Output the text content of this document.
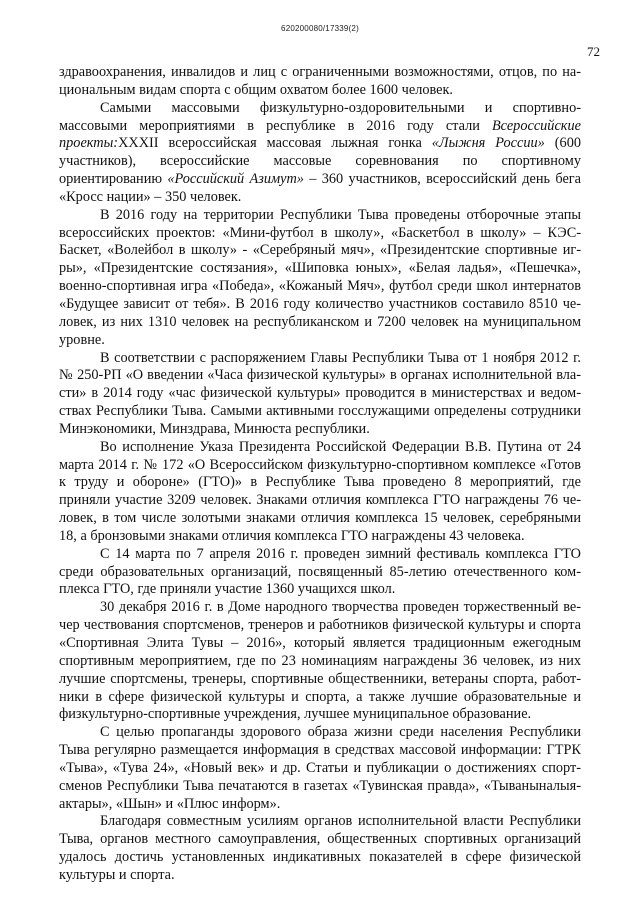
620200080/17339(2)
72

здравоохранения, инвалидов и лиц с ограниченными возможностями, отцов, по национальным видам спорта с общим охватом более 1600 человек.

Самыми массовыми физкультурно-оздоровительными и спортивно-массовыми мероприятиями в республике в 2016 году стали Всероссийские проекты:XXXII всероссийская массовая лыжная гонка «Лыжня России» (600 участников), всероссийские массовые соревнования по спортивному ориентированию «Российский Азимут» – 360 участников, всероссийский день бега «Кросс нации» – 350 человек.

В 2016 году на территории Республики Тыва проведены отборочные этапы всероссийских проектов: «Мини-футбол в школу», «Баскетбол в школу» – КЭС-Баскет, «Волейбол в школу» - «Серебряный мяч», «Президентские спортивные игры», «Президентские состязания», «Шиповка юных», «Белая ладья», «Пешечка», военно-спортивная игра «Победа», «Кожаный Мяч», футбол среди школ интернатов «Будущее зависит от тебя». В 2016 году количество участников составило 8510 человек, из них 1310 человек на республиканском и 7200 человек на муниципальном уровне.

В соответствии с распоряжением Главы Республики Тыва от 1 ноября 2012 г. № 250-РП «О введении «Часа физической культуры» в органах исполнительной власти» в 2014 году «час физической культуры» проводится в министерствах и ведомствах Республики Тыва. Самыми активными госслужащими определены сотрудники Минэкономики, Минздрава, Минюста республики.

Во исполнение Указа Президента Российской Федерации В.В. Путина от 24 марта 2014 г. № 172 «О Всероссийском физкультурно-спортивном комплексе «Готов к труду и обороне» (ГТО)» в Республике Тыва проведено 8 мероприятий, где приняли участие 3209 человек. Знаками отличия комплекса ГТО награждены 76 человек, в том числе золотыми знаками отличия комплекса 15 человек, серебряными 18, а бронзовыми знаками отличия комплекса ГТО награждены 43 человека.

С 14 марта по 7 апреля 2016 г. проведен зимний фестиваль комплекса ГТО среди образовательных организаций, посвященный 85-летию отечественного комплекса ГТО, где приняли участие 1360 учащихся школ.

30 декабря 2016 г. в Доме народного творчества проведен торжественный вечер чествования спортсменов, тренеров и работников физической культуры и спорта «Спортивная Элита Тувы – 2016», который является традиционным ежегодным спортивным мероприятием, где по 23 номинациям награждены 36 человек, из них лучшие спортсмены, тренеры, спортивные общественники, ветераны спорта, работники в сфере физической культуры и спорта, а также лучшие образовательные и физкультурно-спортивные учреждения, лучшее муниципальное образование.

С целью пропаганды здорового образа жизни среди населения Республики Тыва регулярно размещается информация в средствах массовой информации: ГТРК «Тыва», «Тува 24», «Новый век» и др. Статьи и публикации о достижениях спортсменов Республики Тыва печатаются в газетах «Тувинская правда», «Тываныналыяактары», «Шын» и «Плюс информ».

Благодаря совместным усилиям органов исполнительной власти Республики Тыва, органов местного самоуправления, общественных спортивных организаций удалось достичь установленных индикативных показателей в сфере физической культуры и спорта.
